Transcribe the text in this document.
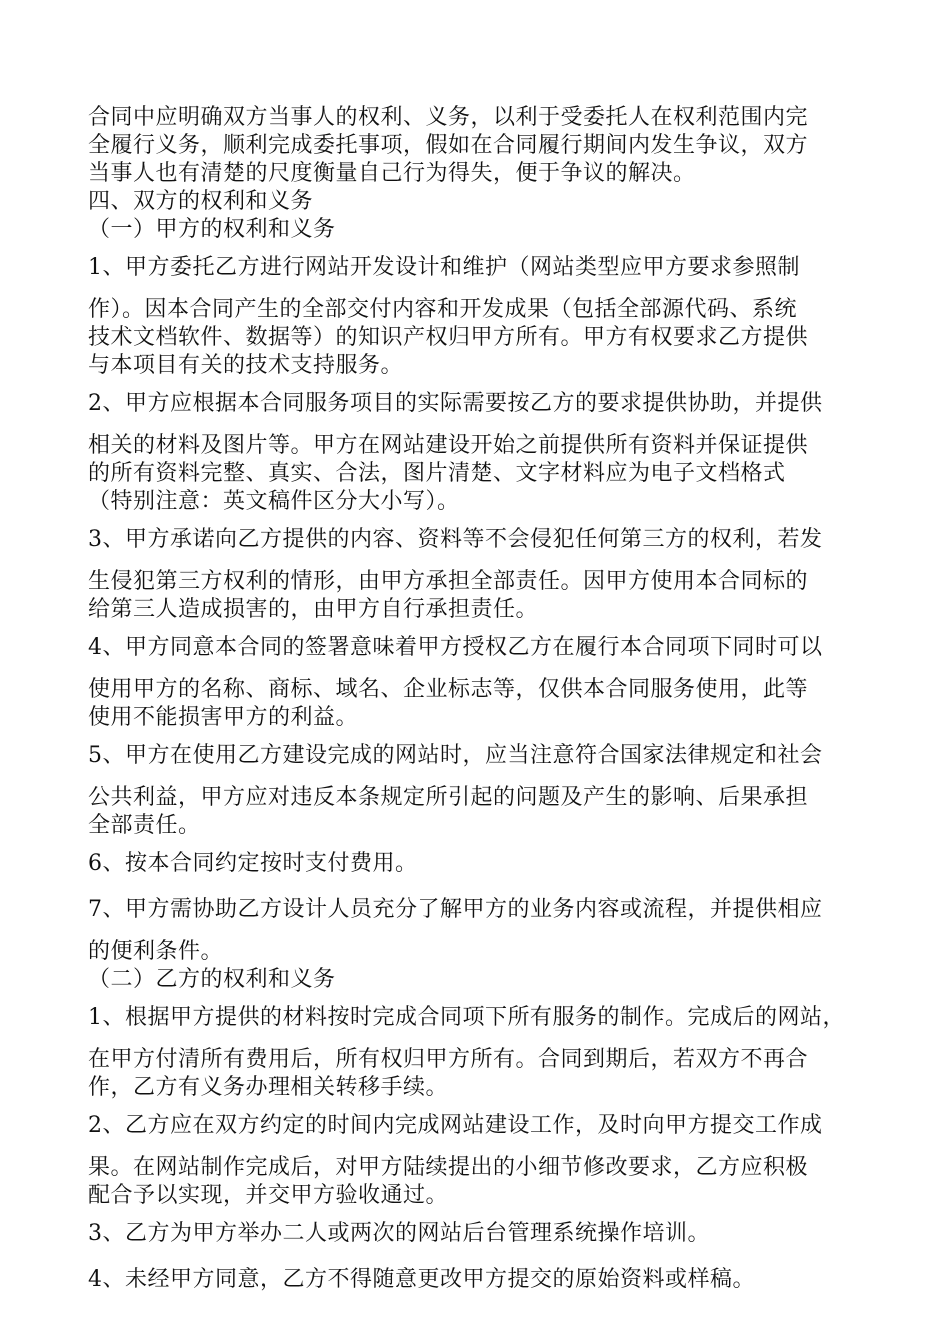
合同中应明确双方当事人的权利、义务，以利于受委托人在权利范围内完
全履行义务，顺利完成委托事项，假如在合同履行期间内发生争议，双方
当事人也有清楚的尺度衡量自己行为得失，便于争议的解决。
四、双方的权利和义务
（一）甲方的权利和义务
1、甲方委托乙方进行网站开发设计和维护（网站类型应甲方要求参照制
作）。因本合同产生的全部交付内容和开发成果（包括全部源代码、系统
技术文档软件、数据等）的知识产权归甲方所有。甲方有权要求乙方提供
与本项目有关的技术支持服务。
2、甲方应根据本合同服务项目的实际需要按乙方的要求提供协助，并提供
相关的材料及图片等。甲方在网站建设开始之前提供所有资料并保证提供
的所有资料完整、真实、合法，图片清楚、文字材料应为电子文档格式
（特别注意：英文稿件区分大小写）。
3、甲方承诺向乙方提供的内容、资料等不会侵犯任何第三方的权利，若发
生侵犯第三方权利的情形，由甲方承担全部责任。因甲方使用本合同标的
给第三人造成损害的，由甲方自行承担责任。
4、甲方同意本合同的签署意味着甲方授权乙方在履行本合同项下同时可以
使用甲方的名称、商标、域名、企业标志等，仅供本合同服务使用，此等
使用不能损害甲方的利益。
5、甲方在使用乙方建设完成的网站时，应当注意符合国家法律规定和社会
公共利益，甲方应对违反本条规定所引起的问题及产生的影响、后果承担
全部责任。
6、按本合同约定按时支付费用。
7、甲方需协助乙方设计人员充分了解甲方的业务内容或流程，并提供相应
的便利条件。
（二）乙方的权利和义务
1、根据甲方提供的材料按时完成合同项下所有服务的制作。完成后的网站，
在甲方付清所有费用后，所有权归甲方所有。合同到期后，若双方不再合
作，乙方有义务办理相关转移手续。
2、乙方应在双方约定的时间内完成网站建设工作，及时向甲方提交工作成
果。在网站制作完成后，对甲方陆续提出的小细节修改要求，乙方应积极
配合予以实现，并交甲方验收通过。
3、乙方为甲方举办二人或两次的网站后台管理系统操作培训。
4、未经甲方同意，乙方不得随意更改甲方提交的原始资料或样稿。
